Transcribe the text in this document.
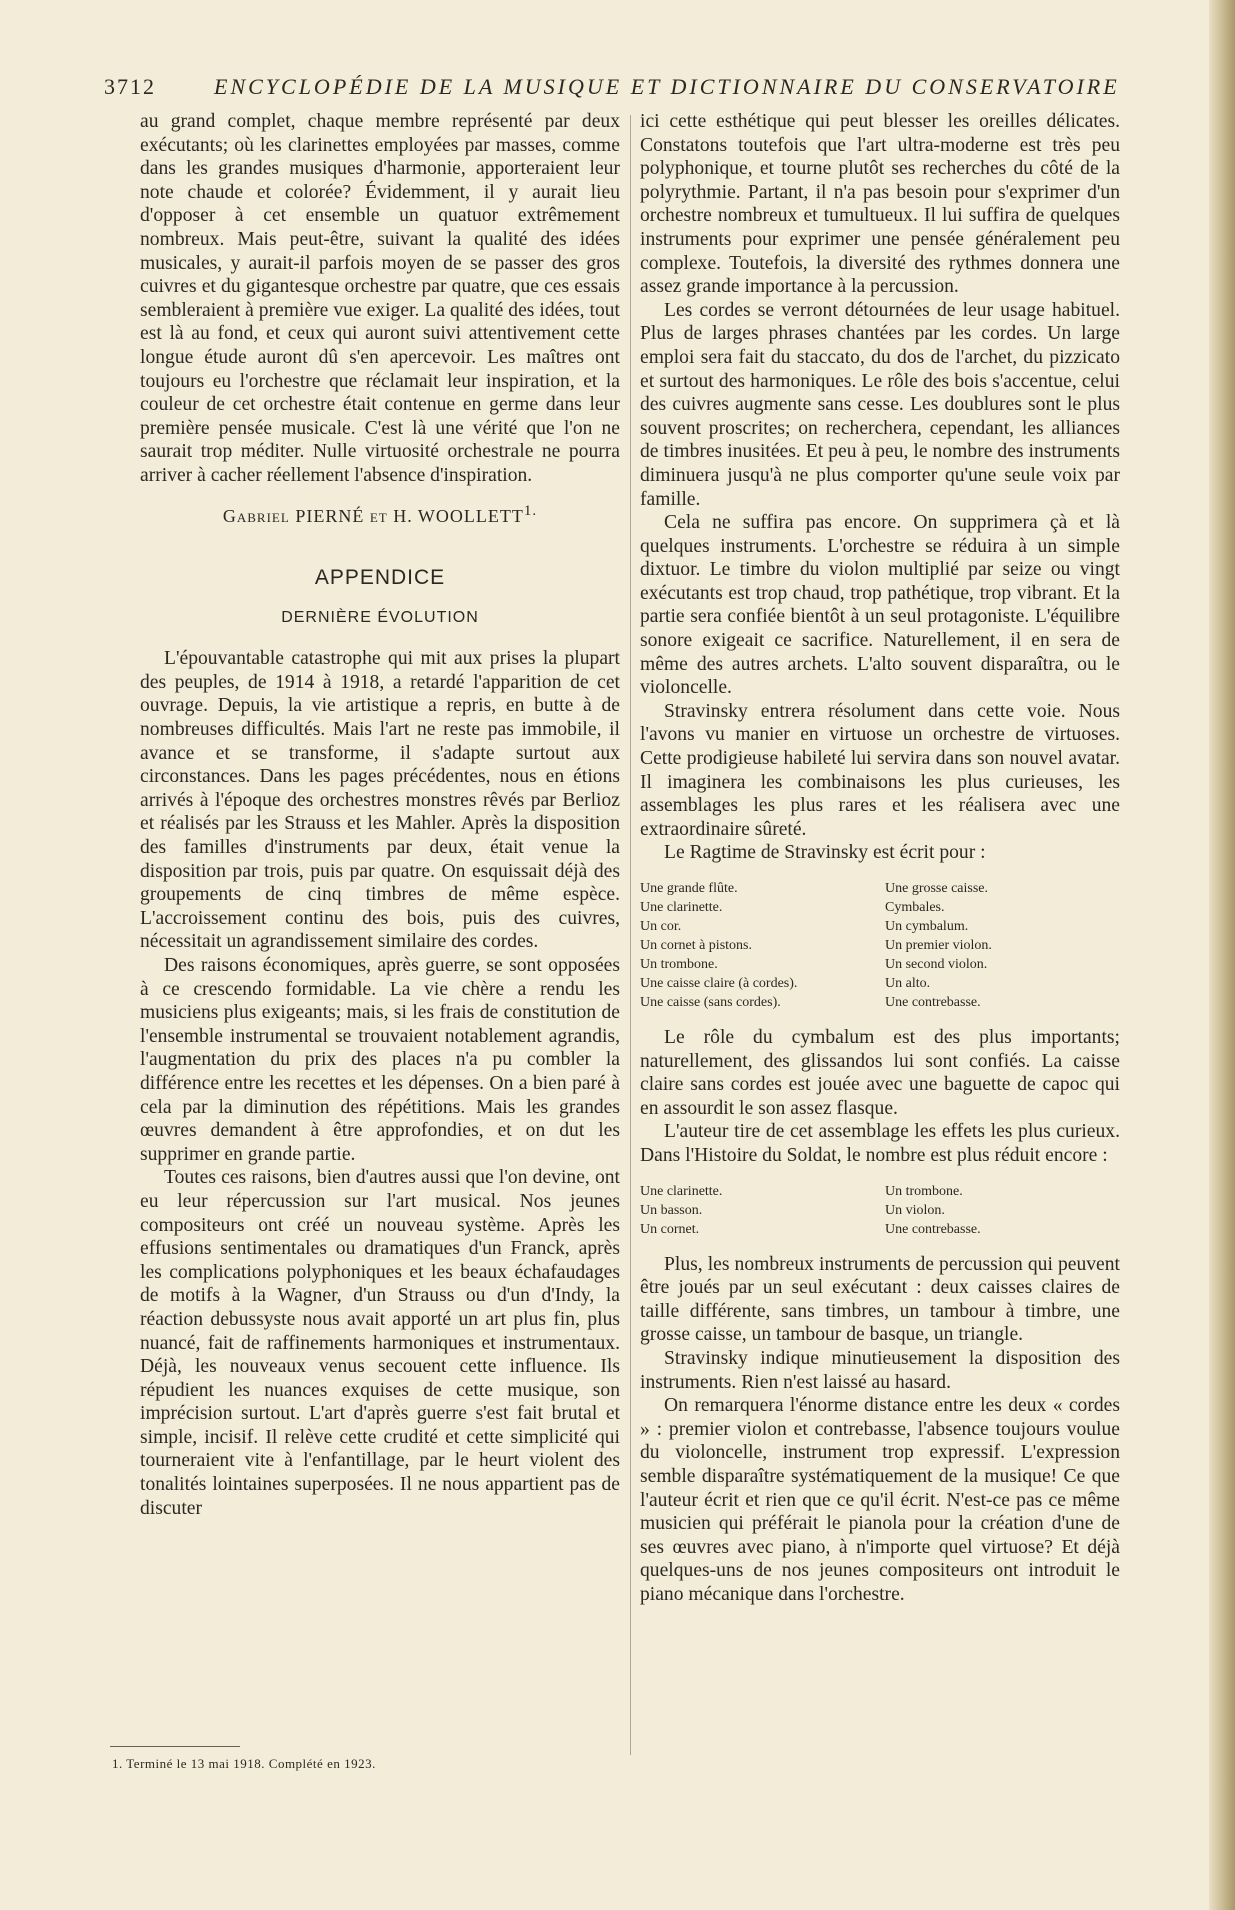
3712	ENCYCLOPÉDIE DE LA MUSIQUE ET DICTIONNAIRE DU CONSERVATOIRE

au grand complet, chaque membre représenté par deux exécutants; où les clarinettes employées par masses, comme dans les grandes musiques d'harmonie, apporteraient leur note chaude et colorée? Évidemment, il y aurait lieu d'opposer à cet ensemble un quatuor extrêmement nombreux. Mais peut-être, suivant la qualité des idées musicales, y aurait-il parfois moyen de se passer des gros cuivres et du gigantesque orchestre par quatre, que ces essais sembleraient à première vue exiger. La qualité des idées, tout est là au fond, et ceux qui auront suivi attentivement cette longue étude auront dû s'en apercevoir. Les maîtres ont toujours eu l'orchestre que réclamait leur inspiration, et la couleur de cet orchestre était contenue en germe dans leur première pensée musicale. C'est là une vérité que l'on ne saurait trop méditer. Nulle virtuosité orchestrale ne pourra arriver à cacher réellement l'absence d'inspiration.

Gabriel PIERNÉ et H. $WOOLLETT^{1.}$

APPENDICE

DERNIÈRE ÉVOLUTION

L'épouvantable catastrophe qui mit aux prises la plupart des peuples, de 1914 à 1918, a retardé l'apparition de cet ouvrage. Depuis, la vie artistique a repris, en butte à de nombreuses difficultés. Mais l'art ne reste pas immobile, il avance et se transforme, il s'adapte surtout aux circonstances. Dans les pages précédentes, nous en étions arrivés à l'époque des orchestres monstres rêvés par Berlioz et réalisés par les Strauss et les Mahler. Après la disposition des familles d'instruments par deux, était venue la disposition par trois, puis par quatre. On esquissait déjà des groupements de cinq timbres de même espèce. L'accroissement continu des bois, puis des cuivres, nécessitait un agrandissement similaire des cordes.

Des raisons économiques, après guerre, se sont opposées à ce crescendo formidable. La vie chère a rendu les musiciens plus exigeants; mais, si les frais de constitution de l'ensemble instrumental se trouvaient notablement agrandis, l'augmentation du prix des places n'a pu combler la différence entre les recettes et les dépenses. On a bien paré à cela par la diminution des répétitions. Mais les grandes œuvres demandent à être approfondies, et on dut les supprimer en grande partie.

Toutes ces raisons, bien d'autres aussi que l'on devine, ont eu leur répercussion sur l'art musical. Nos jeunes compositeurs ont créé un nouveau système. Après les effusions sentimentales ou dramatiques d'un Franck, après les complications polyphoniques et les beaux échafaudages de motifs à la Wagner, d'un Strauss ou d'un d'Indy, la réaction debussyste nous avait apporté un art plus fin, plus nuancé, fait de raffinements harmoniques et instrumentaux. Déjà, les nouveaux venus secouent cette influence. Ils répudient les nuances exquises de cette musique, son imprécision surtout. L'art d'après guerre s'est fait brutal et simple, incisif. Il relève cette crudité et cette simplicité qui tourneraient vite à l'enfantillage, par le heurt violent des tonalités lointaines superposées. Il ne nous appartient pas de discuter

ici cette esthétique qui peut blesser les oreilles délicates. Constatons toutefois que l'art ultra-moderne est très peu polyphonique, et tourne plutôt ses recherches du côté de la polyrythmie. Partant, il n'a pas besoin pour s'exprimer d'un orchestre nombreux et tumultueux. Il lui suffira de quelques instruments pour exprimer une pensée généralement peu complexe. Toutefois, la diversité des rythmes donnera une assez grande importance à la percussion.

Les cordes se verront détournées de leur usage habituel. Plus de larges phrases chantées par les cordes. Un large emploi sera fait du staccato, du dos de l'archet, du pizzicato et surtout des harmoniques. Le rôle des bois s'accentue, celui des cuivres augmente sans cesse. Les doublures sont le plus souvent proscrites; on recherchera, cependant, les alliances de timbres inusitées. Et peu à peu, le nombre des instruments diminuera jusqu'à ne plus comporter qu'une seule voix par famille.

Cela ne suffira pas encore. On supprimera çà et là quelques instruments. L'orchestre se réduira à un simple dixtuor. Le timbre du violon multiplié par seize ou vingt exécutants est trop chaud, trop pathétique, trop vibrant. Et la partie sera confiée bientôt à un seul protagoniste. L'équilibre sonore exigeait ce sacrifice. Naturellement, il en sera de même des autres archets. L'alto souvent disparaîtra, ou le violoncelle.

Stravinsky entrera résolument dans cette voie. Nous l'avons vu manier en virtuose un orchestre de virtuoses. Cette prodigieuse habileté lui servira dans son nouvel avatar. Il imaginera les combinaisons les plus curieuses, les assemblages les plus rares et les réalisera avec une extraordinaire sûreté.

Le Ragtime de Stravinsky est écrit pour :

Une grande flûte.	Une grosse caisse.
Une clarinette.	Cymbales.
Un cor.	Un cymbalum.
Un cornet à pistons.	Un premier violon.
Un trombone.	Un second violon.
Une caisse claire (à cordes).	Un alto.
Une caisse (sans cordes).	Une contrebasse.

Le rôle du cymbalum est des plus importants; naturellement, des glissandos lui sont confiés. La caisse claire sans cordes est jouée avec une baguette de capoc qui en assourdit le son assez flasque.

L'auteur tire de cet assemblage les effets les plus curieux. Dans l'Histoire du Soldat, le nombre est plus réduit encore :

Une clarinette.	Un trombone.
Un basson.	Un violon.
Un cornet.	Une contrebasse.

Plus, les nombreux instruments de percussion qui peuvent être joués par un seul exécutant : deux caisses claires de taille différente, sans timbres, un tambour à timbre, une grosse caisse, un tambour de basque, un triangle.

Stravinsky indique minutieusement la disposition des instruments. Rien n'est laissé au hasard.

On remarquera l'énorme distance entre les deux « cordes » : premier violon et contrebasse, l'absence toujours voulue du violoncelle, instrument trop expressif. L'expression semble disparaître systématiquement de la musique! Ce que l'auteur écrit et rien que ce qu'il écrit. N'est-ce pas ce même musicien qui préférait le pianola pour la création d'une de ses œuvres avec piano, à n'importe quel virtuose? Et déjà quelques-uns de nos jeunes compositeurs ont introduit le piano mécanique dans l'orchestre.

1. Terminé le 13 mai 1918. Complété en 1923.
